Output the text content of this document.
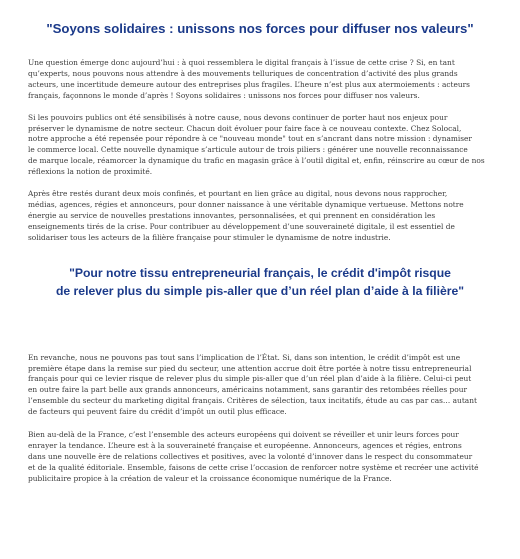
"Soyons solidaires : unissons nos forces pour diffuser nos valeurs"

Une question émerge donc aujourd’hui : à quoi ressemblera le digital français à l’issue de cette crise ? Si, en tant
qu’experts, nous pouvons nous attendre à des mouvements telluriques de concentration d’activité des plus grands
acteurs, une incertitude demeure autour des entreprises plus fragiles. L’heure n’est plus aux atermoiements : acteurs
français, façonnons le monde d’après ! Soyons solidaires : unissons nos forces pour diffuser nos valeurs.

Si les pouvoirs publics ont été sensibilisés à notre cause, nous devons continuer de porter haut nos enjeux pour
préserver le dynamisme de notre secteur. Chacun doit évoluer pour faire face à ce nouveau contexte. Chez Solocal,
notre approche a été repensée pour répondre à ce "nouveau monde" tout en s’ancrant dans notre mission : dynamiser
le commerce local. Cette nouvelle dynamique s’articule autour de trois piliers : générer une nouvelle reconnaissance
de marque locale, réamorcer la dynamique du trafic en magasin grâce à l’outil digital et, enfin, réinscrire au cœur de nos
réflexions la notion de proximité.

Après être restés durant deux mois confinés, et pourtant en lien grâce au digital, nous devons nous rapprocher,
médias, agences, régies et annonceurs, pour donner naissance à une véritable dynamique vertueuse. Mettons notre
énergie au service de nouvelles prestations innovantes, personnalisées, et qui prennent en considération les
enseignements tirés de la crise. Pour contribuer au développement d’une souveraineté digitale, il est essentiel de
solidariser tous les acteurs de la filière française pour stimuler le dynamisme de notre industrie.

"Pour notre tissu entrepreneurial français, le crédit d'impôt risque
de relever plus du simple pis-aller que d’un réel plan d’aide à la filière"

En revanche, nous ne pouvons pas tout sans l’implication de l’État. Si, dans son intention, le crédit d’impôt est une
première étape dans la remise sur pied du secteur, une attention accrue doit être portée à notre tissu entrepreneurial
français pour qui ce levier risque de relever plus du simple pis-aller que d’un réel plan d’aide à la filière. Celui-ci peut
en outre faire la part belle aux grands annonceurs, américains notamment, sans garantir des retombées réelles pour
l’ensemble du secteur du marketing digital français. Critères de sélection, taux incitatifs, étude au cas par cas… autant
de facteurs qui peuvent faire du crédit d’impôt un outil plus efficace.

Bien au-delà de la France, c’est l’ensemble des acteurs européens qui doivent se réveiller et unir leurs forces pour
enrayer la tendance. L’heure est à la souveraineté française et européenne. Annonceurs, agences et régies, entrons
dans une nouvelle ère de relations collectives et positives, avec la volonté d’innover dans le respect du consommateur
et de la qualité éditoriale. Ensemble, faisons de cette crise l’occasion de renforcer notre système et recréer une activité
publicitaire propice à la création de valeur et la croissance économique numérique de la France.
